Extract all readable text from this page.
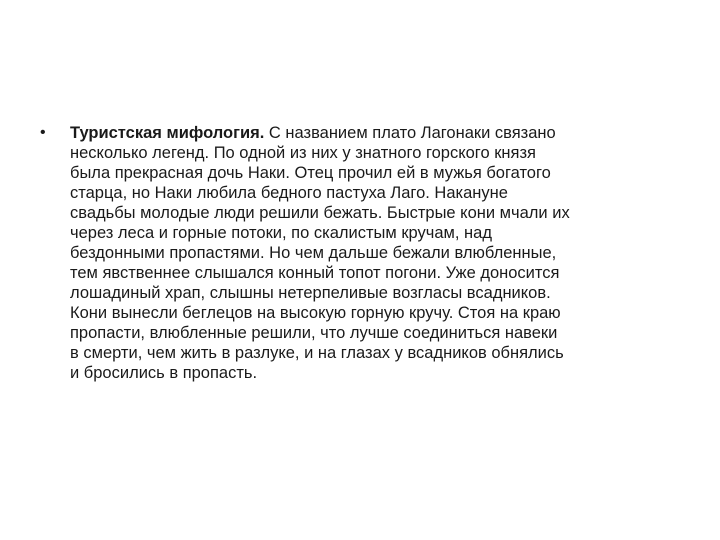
•	Туристская мифология. С названием плато Лагонаки связано
несколько легенд. По одной из них у знатного горского князя
была прекрасная дочь Наки. Отец прочил ей в мужья богатого
старца, но Наки любила бедного пастуха Лаго. Накануне
свадьбы молодые люди решили бежать. Быстрые кони мчали их
через леса и горные потоки, по скалистым кручам, над
бездонными пропастями. Но чем дальше бежали влюбленные,
тем явственнее слышался конный топот погони. Уже доносится
лошадиный храп, слышны нетерпеливые возгласы всадников.
Кони вынесли беглецов на высокую горную кручу. Стоя на краю
пропасти, влюбленные решили, что лучше соединиться навеки
в смерти, чем жить в разлуке, и на глазах у всадников обнялись
и бросились в пропасть.
